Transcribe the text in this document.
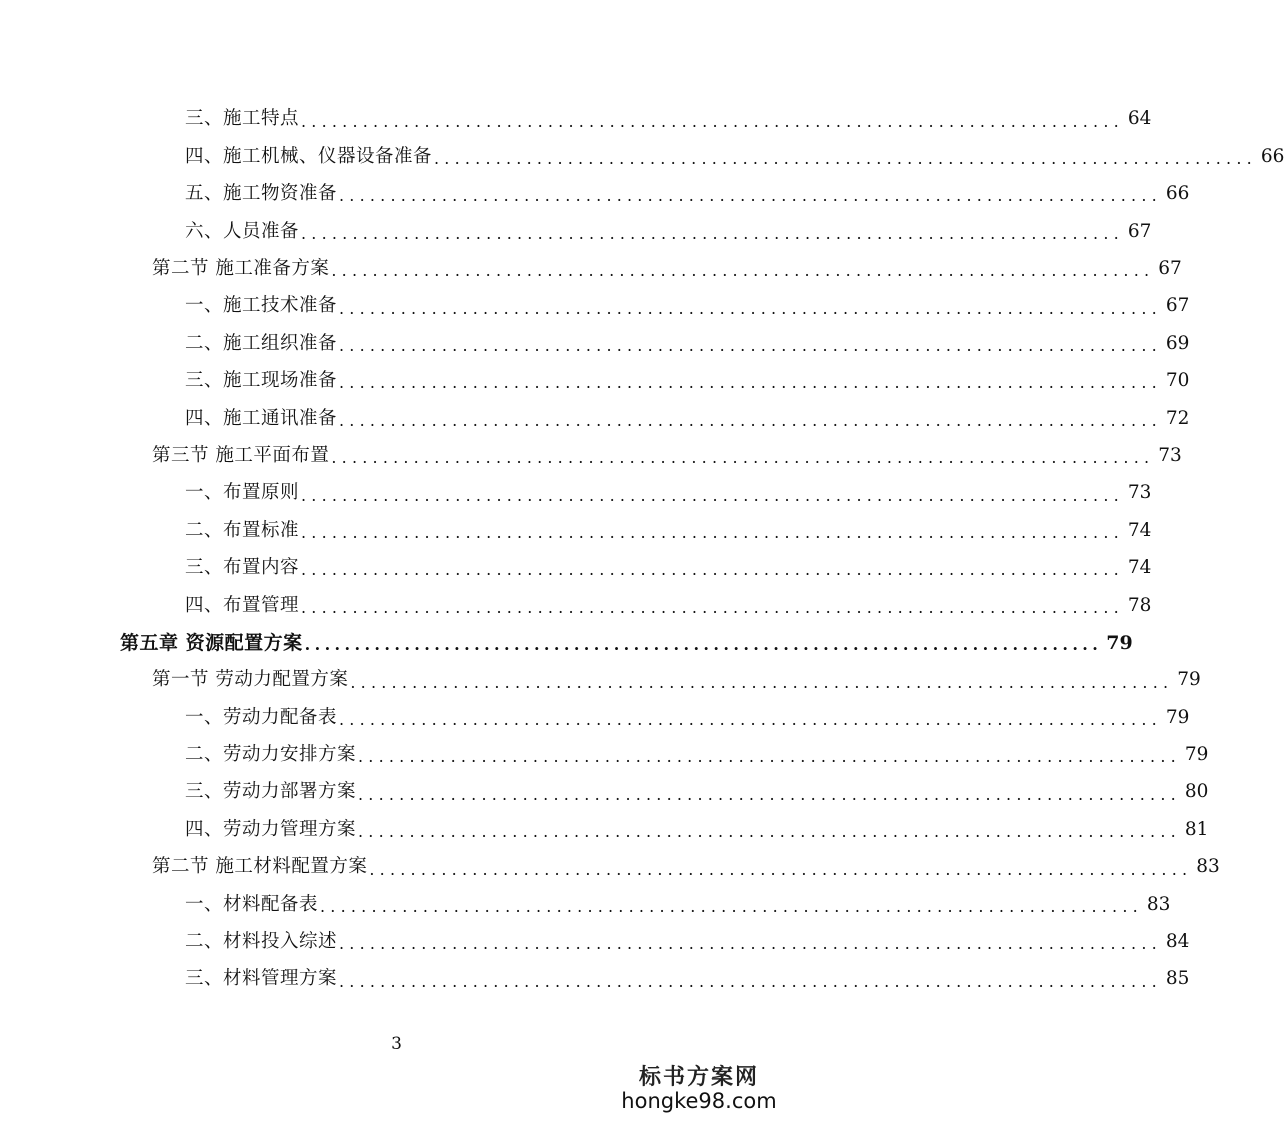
三、施工特点 ................................................................................ 64
四、施工机械、仪器设备准备 ................................................................................ 66
五、施工物资准备 ................................................................................ 66
六、人员准备 ................................................................................ 67
第二节 施工准备方案 ................................................................................ 67
一、施工技术准备 ................................................................................ 67
二、施工组织准备 ................................................................................ 69
三、施工现场准备 ................................................................................ 70
四、施工通讯准备 ................................................................................ 72
第三节 施工平面布置 ................................................................................ 73
一、布置原则 ................................................................................ 73
二、布置标准 ................................................................................ 74
三、布置内容 ................................................................................ 74
四、布置管理 ................................................................................ 78
第五章 资源配置方案 ................................................................................ 79
第一节 劳动力配置方案 ................................................................................ 79
一、劳动力配备表 ................................................................................ 79
二、劳动力安排方案 ................................................................................ 79
三、劳动力部署方案 ................................................................................ 80
四、劳动力管理方案 ................................................................................ 81
第二节 施工材料配置方案 ................................................................................ 83
一、材料配备表 ................................................................................ 83
二、材料投入综述 ................................................................................ 84
三、材料管理方案 ................................................................................ 85
3
标书方案网
hongke98.com
